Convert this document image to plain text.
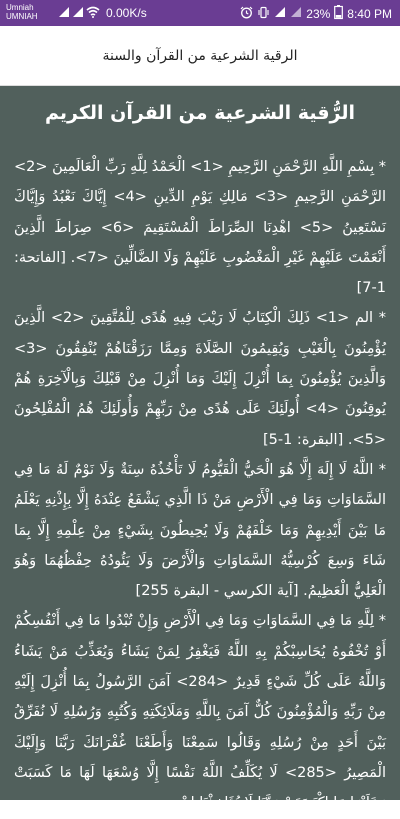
Umniah
UMNIAH	0.00K/s	23% 8:40 PM
الرقية الشرعية من القرآن والسنة
الرُّقية الشرعية من القرآن الكريم
* بِسْمِ اللَّهِ الرَّحْمَنِ الرَّحِيمِ <1> الْحَمْدُ لِلَّهِ رَبِّ الْعَالَمِينَ <2> الرَّحْمَنِ الرَّحِيمِ <3> مَالِكِ يَوْمِ الدِّينِ <4> إِيَّاكَ نَعْبُدُ وَإِيَّاكَ نَسْتَعِينُ <5> اهْدِنَا الصِّرَاطَ الْمُسْتَقِيمَ <6> صِرَاطَ الَّذِينَ أَنْعَمْتَ عَلَيْهِمْ غَيْرِ الْمَغْضُوبِ عَلَيْهِمْ وَلَا الضَّالِّينَ <7>. [الفاتحة: 1-7]
* الم <1> ذَلِكَ الْكِتَابُ لَا رَيْبَ فِيهِ هُدًى لِلْمُتَّقِينَ <2> الَّذِينَ يُؤْمِنُونَ بِالْغَيْبِ وَيُقِيمُونَ الصَّلَاةَ وَمِمَّا رَزَقْنَاهُمْ يُنْفِقُونَ <3> وَالَّذِينَ يُؤْمِنُونَ بِمَا أُنْزِلَ إِلَيْكَ وَمَا أُنْزِلَ مِنْ قَبْلِكَ وَبِالْآخِرَةِ هُمْ يُوقِنُونَ <4> أُولَئِكَ عَلَى هُدًى مِنْ رَبِّهِمْ وَأُولَئِكَ هُمُ الْمُفْلِحُونَ <5>. [البقرة: 1-5]
* اللَّهُ لَا إِلَهَ إِلَّا هُوَ الْحَيُّ الْقَيُّومُ لَا تَأْخُذُهُ سِنَةٌ وَلَا نَوْمٌ لَهُ مَا فِي السَّمَاوَاتِ وَمَا فِي الْأَرْضِ مَنْ ذَا الَّذِي يَشْفَعُ عِنْدَهُ إِلَّا بِإِذْنِهِ يَعْلَمُ مَا بَيْنَ أَيْدِيهِمْ وَمَا خَلْفَهُمْ وَلَا يُحِيطُونَ بِشَيْءٍ مِنْ عِلْمِهِ إِلَّا بِمَا شَاءَ وَسِعَ كُرْسِيُّهُ السَّمَاوَاتِ وَالْأَرْضَ وَلَا يَئُودُهُ حِفْظُهُمَا وَهُوَ الْعَلِيُّ الْعَظِيمُ. [آية الكرسي - البقرة 255]
* لِلَّهِ مَا فِي السَّمَاوَاتِ وَمَا فِي الْأَرْضِ وَإِنْ تُبْدُوا مَا فِي أَنْفُسِكُمْ أَوْ تُخْفُوهُ يُحَاسِبْكُمْ بِهِ اللَّهُ فَيَغْفِرُ لِمَنْ يَشَاءُ وَيُعَذِّبُ مَنْ يَشَاءُ وَاللَّهُ عَلَى كُلِّ شَيْءٍ قَدِيرٌ <284> آمَنَ الرَّسُولُ بِمَا أُنْزِلَ إِلَيْهِ مِنْ رَبِّهِ وَالْمُؤْمِنُونَ كُلٌّ آمَنَ بِاللَّهِ وَمَلَائِكَتِهِ وَكُتُبِهِ وَرُسُلِهِ لَا نُفَرِّقُ بَيْنَ أَحَدٍ مِنْ رُسُلِهِ وَقَالُوا سَمِعْنَا وَأَطَعْنَا غُفْرَانَكَ رَبَّنَا وَإِلَيْكَ الْمَصِيرُ <285> لَا يُكَلِّفُ اللَّهُ نَفْسًا إِلَّا وُسْعَهَا لَهَا مَا كَسَبَتْ وَعَلَيْهَا مَا اكْتَسَبَتْ رَبَّنَا لَا تُؤَاخِذْنَا إِنْ
